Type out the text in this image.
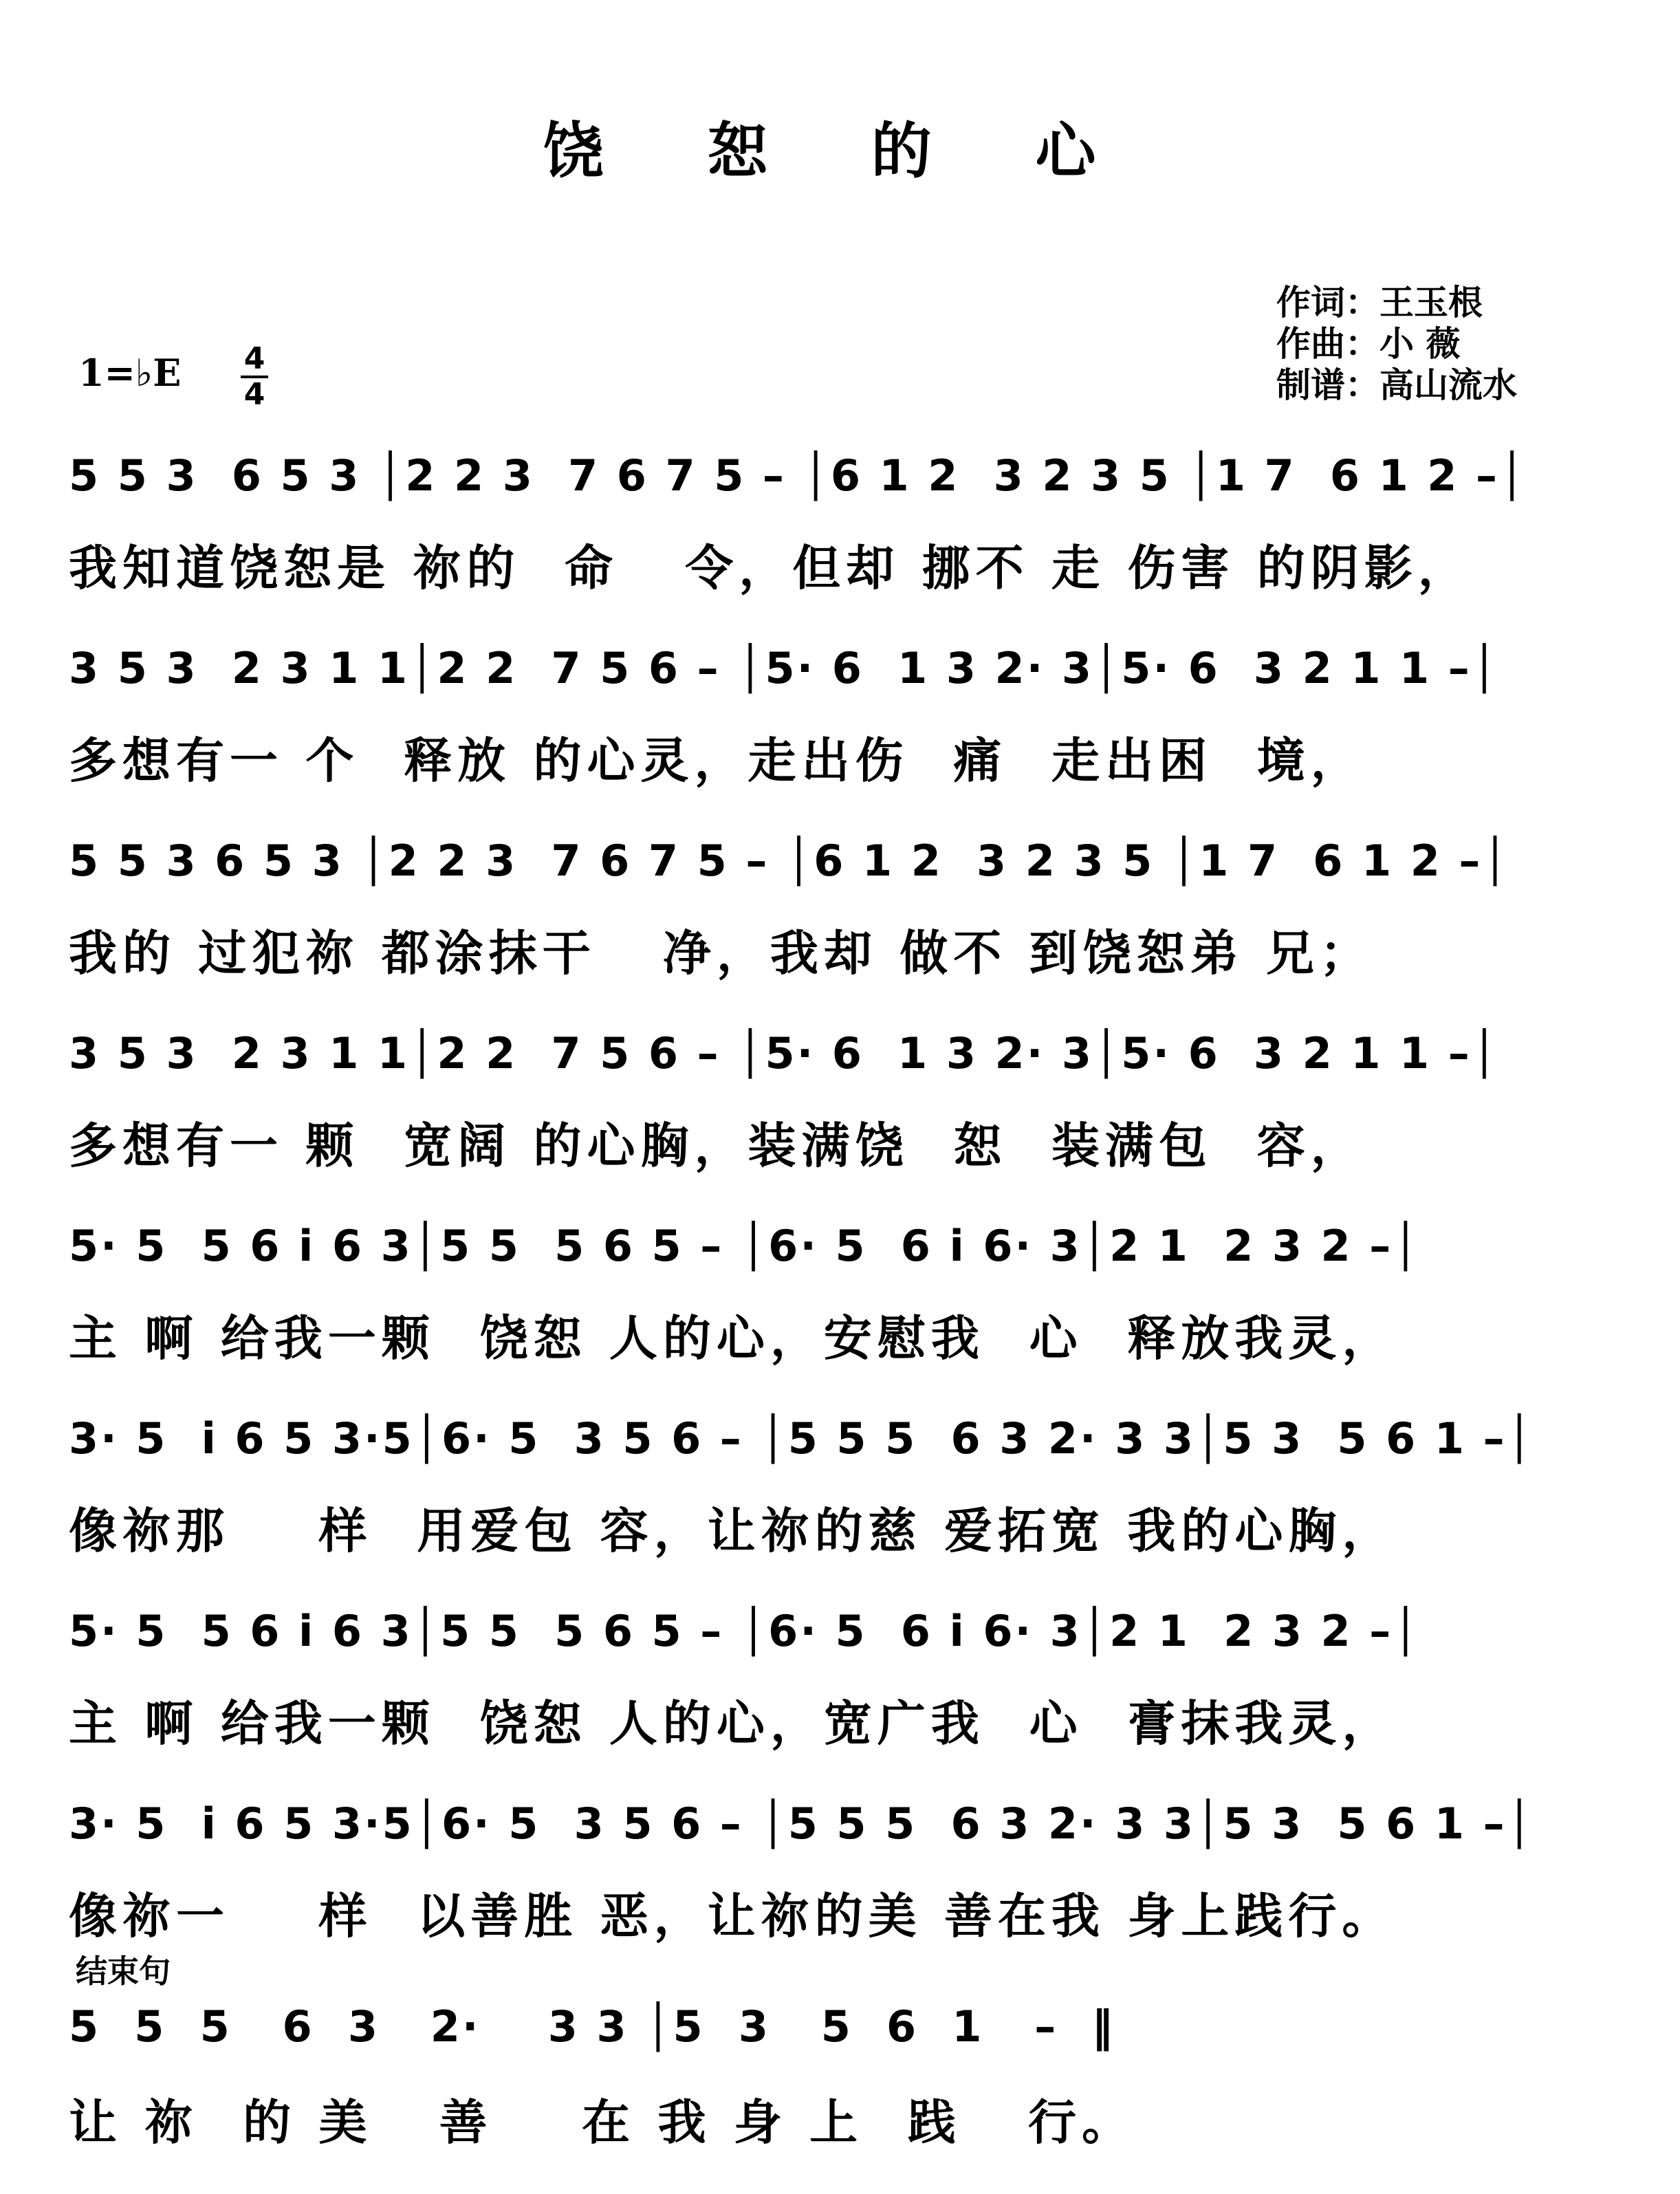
饶 恕 的 心
作词：王玉根
作曲：小 薇
制谱：高山流水
1=♭E 4
4
5 5 3  6 5 3 │2 2 3  7 6 7 5 – │6 1 2  3 2 3 5 │1 7  6 1 2 –│
我知道饶恕是 祢的  命   令，但却 挪不 走 伤害 的阴影，
3 5 3  2 3 1 1│2 2  7 5 6 – │5· 6  1 3 2· 3│5· 6  3 2 1 1 –│
多想有一 个  释放 的心灵，走出伤  痛  走出困  境，
5 5 3 6 5 3 │2 2 3  7 6 7 5 – │6 1 2  3 2 3 5 │1 7  6 1 2 –│
我的 过犯祢 都涂抹干   净，我却 做不 到饶恕弟 兄；
3 5 3  2 3 1 1│2 2  7 5 6 – │5· 6  1 3 2· 3│5· 6  3 2 1 1 –│
多想有一 颗  宽阔 的心胸，装满饶  恕  装满包  容，
5· 5  5 6 i 6 3│5 5  5 6 5 – │6· 5  6 i 6· 3│2 1  2 3 2 –│
主 啊 给我一颗  饶恕 人的心，安慰我  心  释放我灵，
3· 5  i 6 5 3·5│6· 5  3 5 6 – │5 5 5  6 3 2· 3 3│5 3  5 6 1 –│
像祢那    样  用爱包 容，让祢的慈 爱拓宽 我的心胸，
5· 5  5 6 i 6 3│5 5  5 6 5 – │6· 5  6 i 6· 3│2 1  2 3 2 –│
主 啊 给我一颗  饶恕 人的心，宽广我  心  膏抹我灵，
3· 5  i 6 5 3·5│6· 5  3 5 6 – │5 5 5  6 3 2· 3 3│5 3  5 6 1 –│
像祢一    样  以善胜 恶，让祢的美 善在我 身上践行。
结束句
5  5  5   6  3   2·    3 3 │5  3   5  6  1   –  ‖
让 祢  的 美   善    在 我 身 上  践   行。
